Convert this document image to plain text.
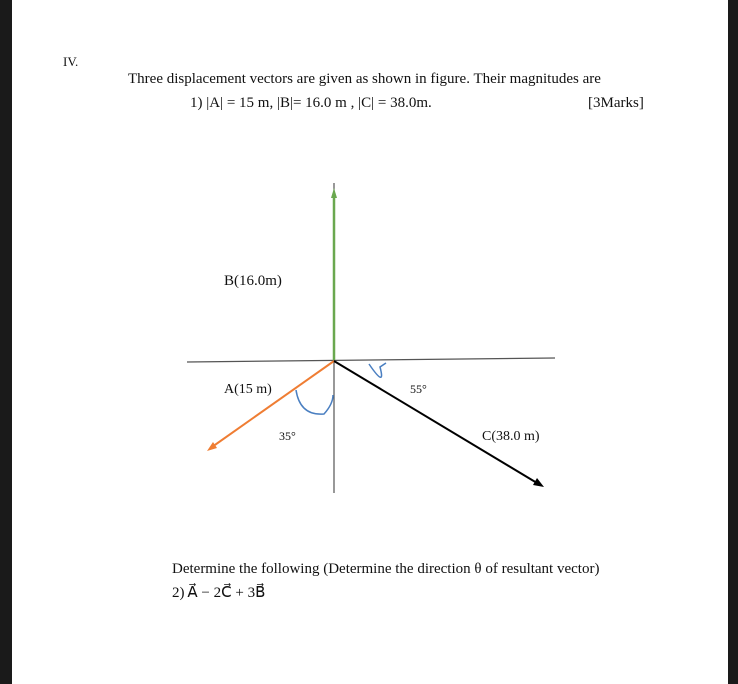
IV.
Three displacement vectors are given as shown in figure. Their magnitudes are
1) |A| = 15 m, |B|= 16.0 m , |C| = 38.0m.	[3Marks]
B(16.0m)
A(15 m)	55°
35°	C(38.0 m)
Determine the following (Determine the direction θ of resultant vector)
2) A⃗ − 2C⃗ + 3B⃗
